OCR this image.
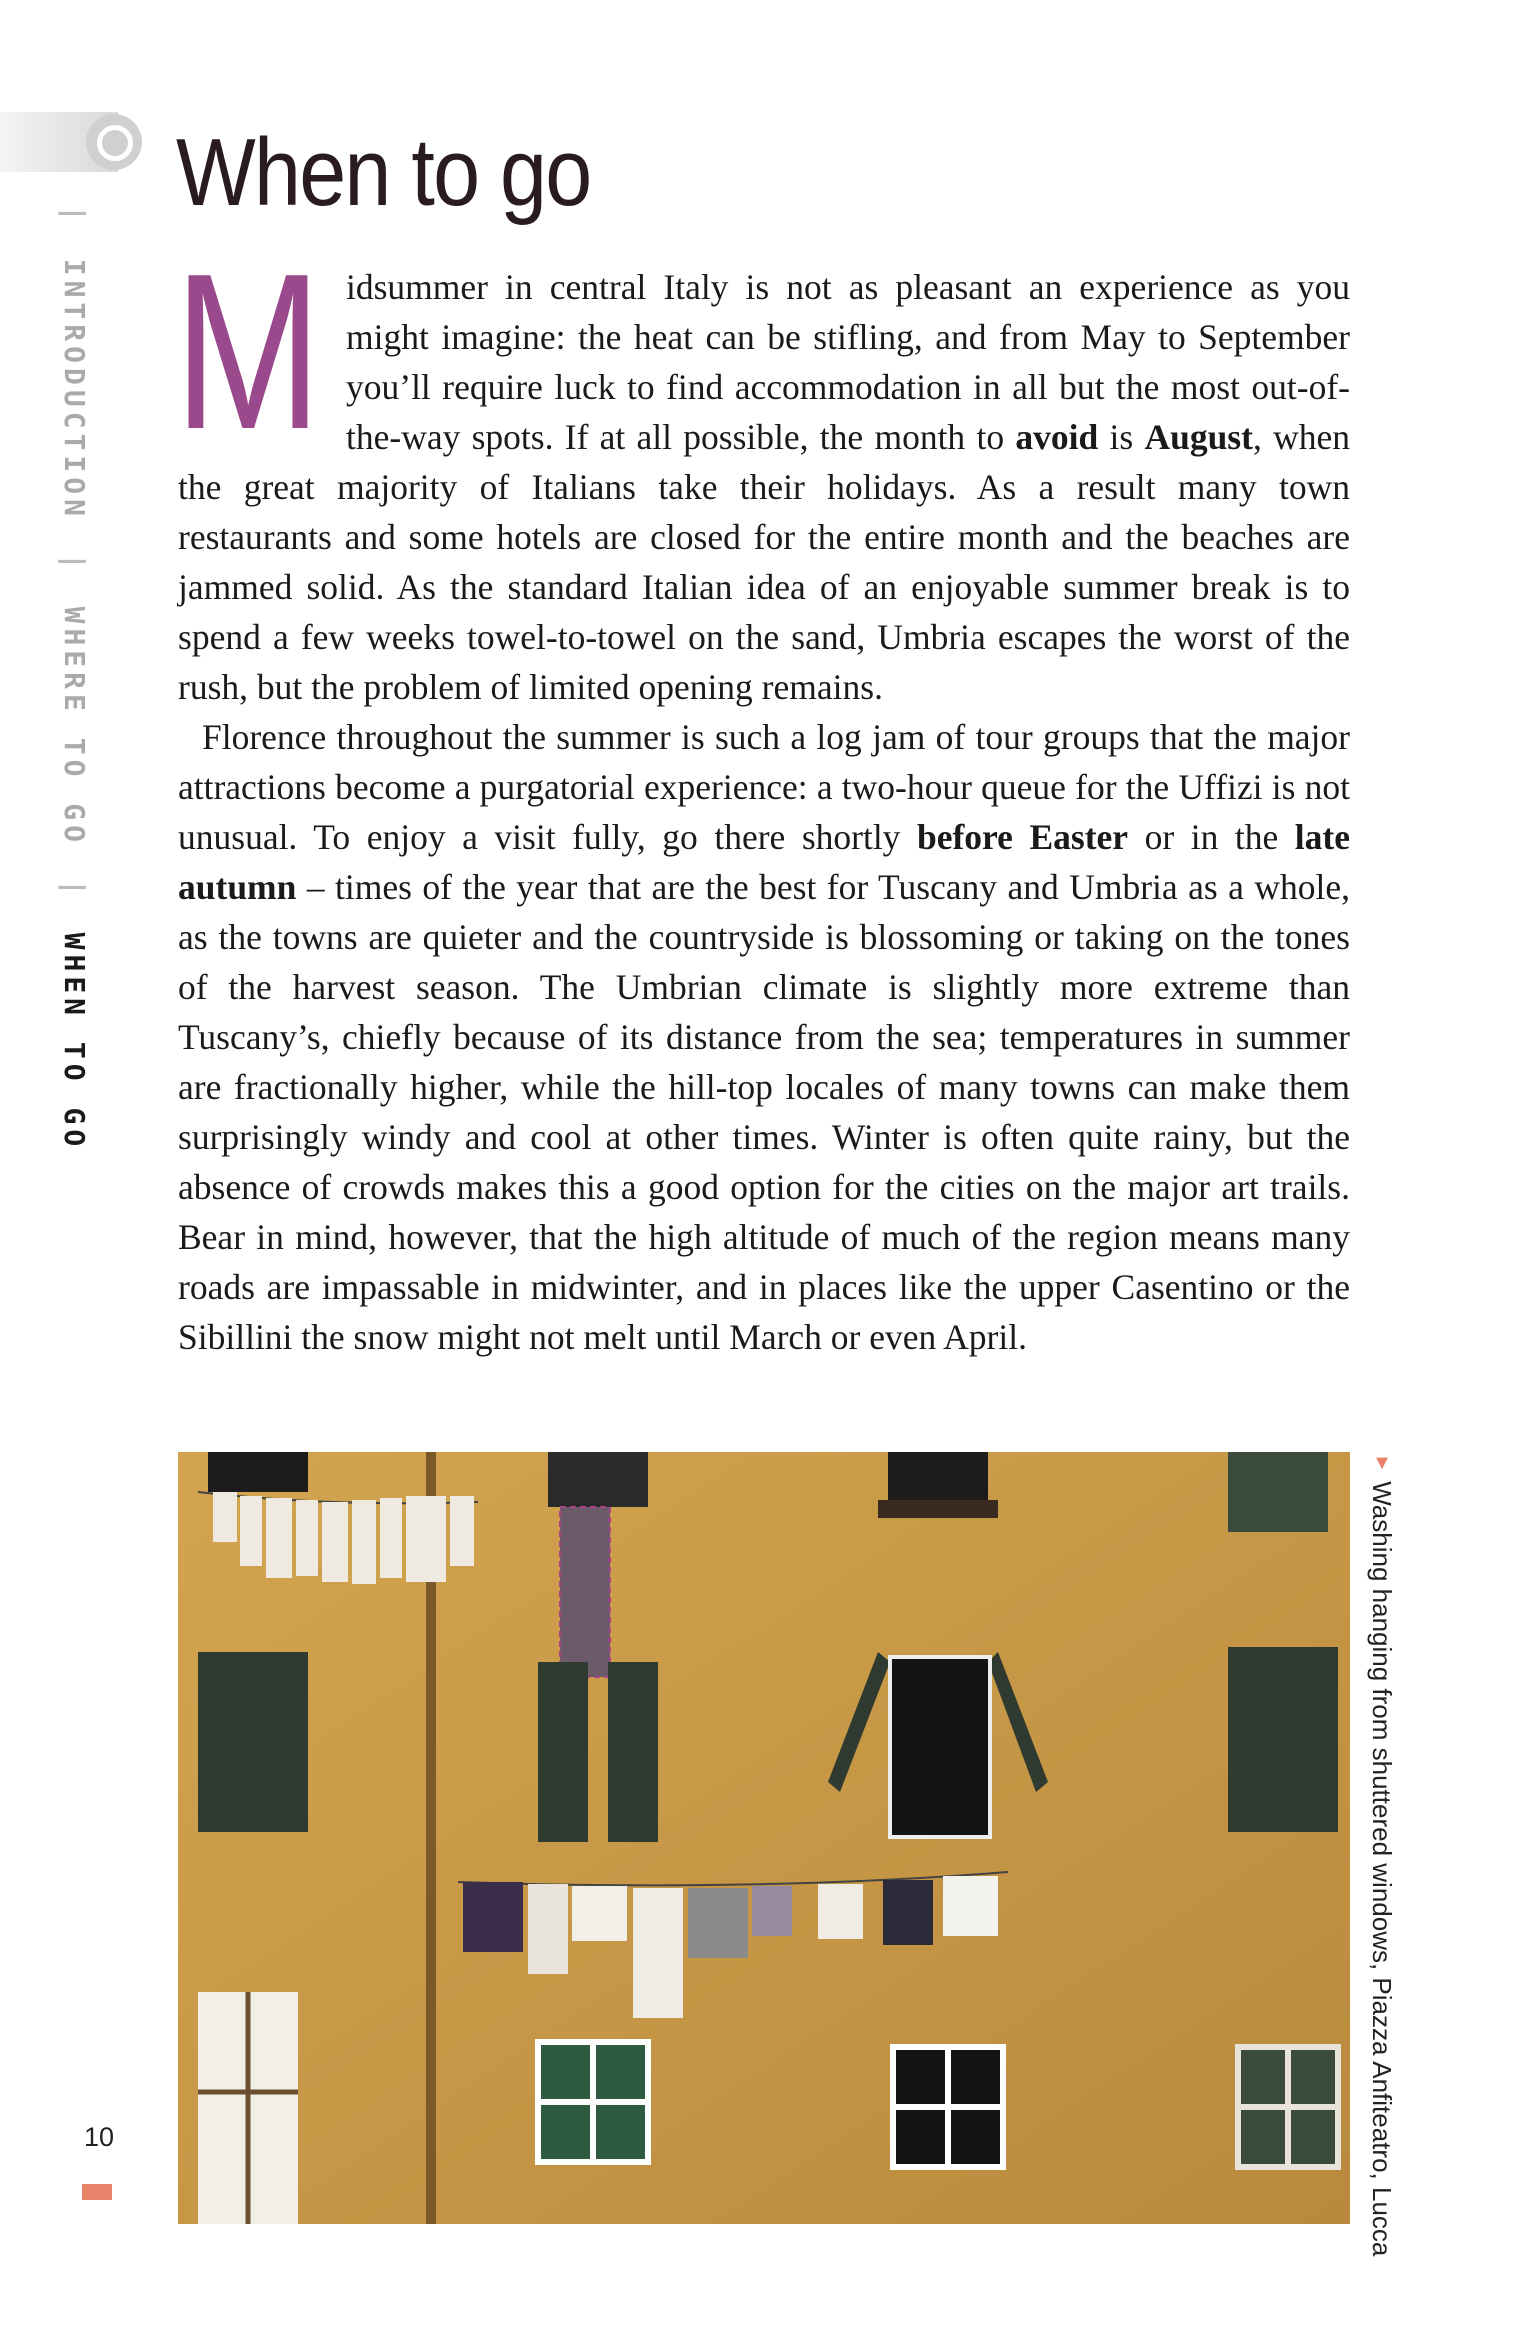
| INTRODUCTION | WHERE TO GO | WHEN TO GO
When to go

Midsummer in central Italy is not as pleasant an experience as you might imagine: the heat can be stifling, and from May to September you’ll require luck to find accommodation in all but the most out-of-the-way spots. If at all possible, the month to avoid is August, when the great majority of Italians take their holidays. As a result many town restaurants and some hotels are closed for the entire month and the beaches are jammed solid. As the standard Italian idea of an enjoyable summer break is to spend a few weeks towel-to-towel on the sand, Umbria escapes the worst of the rush, but the problem of limited opening remains.

Florence throughout the summer is such a log jam of tour groups that the major attractions become a purgatorial experience: a two-hour queue for the Uffizi is not unusual. To enjoy a visit fully, go there shortly before Easter or in the late autumn – times of the year that are the best for Tuscany and Umbria as a whole, as the towns are quieter and the countryside is blossoming or taking on the tones of the harvest season. The Umbrian climate is slightly more extreme than Tuscany’s, chiefly because of its distance from the sea; temperatures in summer are fractionally higher, while the hill-top locales of many towns can make them surprisingly windy and cool at other times. Winter is often quite rainy, but the absence of crowds makes this a good option for the cities on the major art trails. Bear in mind, however, that the high altitude of much of the region means many roads are impassable in midwinter, and in places like the upper Casentino or the Sibillini the snow might not melt until March or even April.

▼ Washing hanging from shuttered windows, Piazza Anfiteatro, Lucca
10
